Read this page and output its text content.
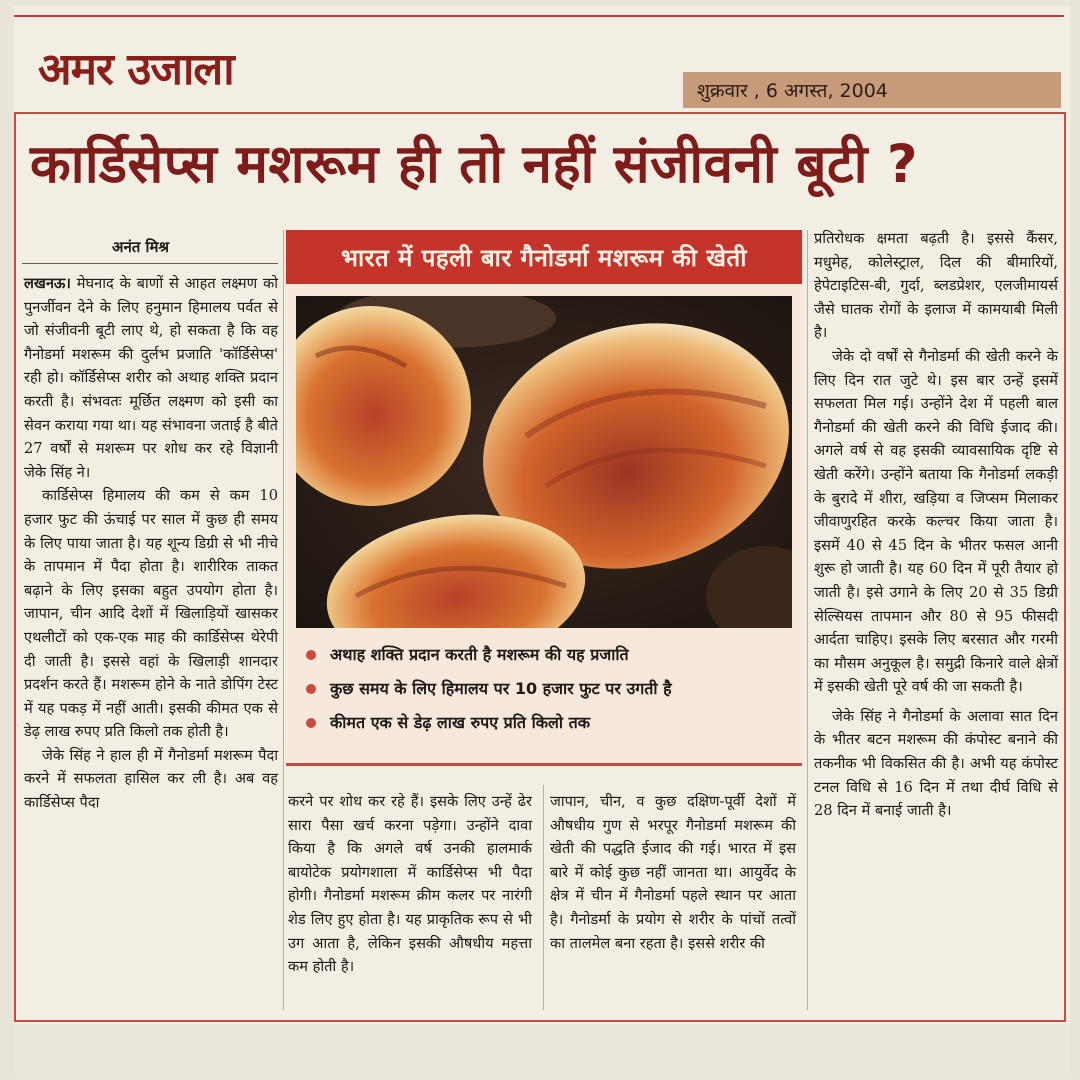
अमर उजाला	शुक्रवार , 6 अगस्त, 2004
कार्डिसेप्स मशरूम ही तो नहीं संजीवनी बूटी ?
अनंत मिश्र

लखनऊ। मेघनाद के बाणों से आहत लक्ष्मण को पुनर्जीवन देने के लिए हनुमान हिमालय पर्वत से जो संजीवनी बूटी लाए थे, हो सकता है कि वह गैनोडर्मा मशरूम की दुर्लभ प्रजाति 'कॉर्डिसेप्स' रही हो। कॉर्डिसेप्स शरीर को अथाह शक्ति प्रदान करती है। संभवतः मूर्छित लक्ष्मण को इसी का सेवन कराया गया था। यह संभावना जताई है बीते 27 वर्षों से मशरूम पर शोध कर रहे विज्ञानी जेके सिंह ने।

कार्डिसेप्स हिमालय की कम से कम 10 हजार फुट की ऊंचाई पर साल में कुछ ही समय के लिए पाया जाता है। यह शून्य डिग्री से भी नीचे के तापमान में पैदा होता है। शारीरिक ताकत बढ़ाने के लिए इसका बहुत उपयोग होता है। जापान, चीन आदि देशों में खिलाड़ियों खासकर एथलीटों को एक-एक माह की कार्डिसेप्स थेरेपी दी जाती है। इससे वहां के खिलाड़ी शानदार प्रदर्शन करते हैं। मशरूम होने के नाते डोपिंग टेस्ट में यह पकड़ में नहीं आती। इसकी कीमत एक से डेढ़ लाख रुपए प्रति किलो तक होती है।

जेके सिंह ने हाल ही में गैनोडर्मा मशरूम पैदा करने में सफलता हासिल कर ली है। अब वह कार्डिसेप्स पैदा

भारत में पहली बार गैनोडर्मा मशरूम की खेती
अथाह शक्ति प्रदान करती है मशरूम की यह प्रजाति
कुछ समय के लिए हिमालय पर 10 हजार फुट पर उगती है
कीमत एक से डेढ़ लाख रुपए प्रति किलो तक

करने पर शोध कर रहे हैं। इसके लिए उन्हें ढेर सारा पैसा खर्च करना पड़ेगा। उन्होंने दावा किया है कि अगले वर्ष उनकी हालमार्क बायोटेक प्रयोगशाला में कार्डिसेप्स भी पैदा होगी। गैनोडर्मा मशरूम क्रीम कलर पर नारंगी शेड लिए हुए होता है। यह प्राकृतिक रूप से भी उग आता है, लेकिन इसकी औषधीय महत्ता कम होती है।

जापान, चीन, व कुछ दक्षिण-पूर्वी देशों में औषधीय गुण से भरपूर गैनोडर्मा मशरूम की खेती की पद्धति ईजाद की गई। भारत में इस बारे में कोई कुछ नहीं जानता था। आयुर्वेद के क्षेत्र में चीन में गैनोडर्मा पहले स्थान पर आता है। गैनोडर्मा के प्रयोग से शरीर के पांचों तत्वों का तालमेल बना रहता है। इससे शरीर की

प्रतिरोधक क्षमता बढ़ती है। इससे कैंसर, मधुमेह, कोलेस्ट्राल, दिल की बीमारियों, हेपेटाइटिस-बी, गुर्दा, ब्लडप्रेशर, एलजीमायर्स जैसे घातक रोगों के इलाज में कामयाबी मिली है।

जेके दो वर्षों से गैनोडर्मा की खेती करने के लिए दिन रात जुटे थे। इस बार उन्हें इसमें सफलता मिल गई। उन्होंने देश में पहली बाल गैनोडर्मा की खेती करने की विधि ईजाद की। अगले वर्ष से वह इसकी व्यावसायिक दृष्टि से खेती करेंगे। उन्होंने बताया कि गैनोडर्मा लकड़ी के बुरादे में शीरा, खड़िया व जिप्सम मिलाकर जीवाणुरहित करके कल्चर किया जाता है। इसमें 40 से 45 दिन के भीतर फसल आनी शुरू हो जाती है। यह 60 दिन में पूरी तैयार हो जाती है। इसे उगाने के लिए 20 से 35 डिग्री सेल्सियस तापमान और 80 से 95 फीसदी आर्दता चाहिए। इसके लिए बरसात और गरमी का मौसम अनुकूल है। समुद्री किनारे वाले क्षेत्रों में इसकी खेती पूरे वर्ष की जा सकती है।

जेके सिंह ने गैनोडर्मा के अलावा सात दिन के भीतर बटन मशरूम की कंपोस्ट बनाने की तकनीक भी विकसित की है। अभी यह कंपोस्ट टनल विधि से 16 दिन में तथा दीर्घ विधि से 28 दिन में बनाई जाती है।
